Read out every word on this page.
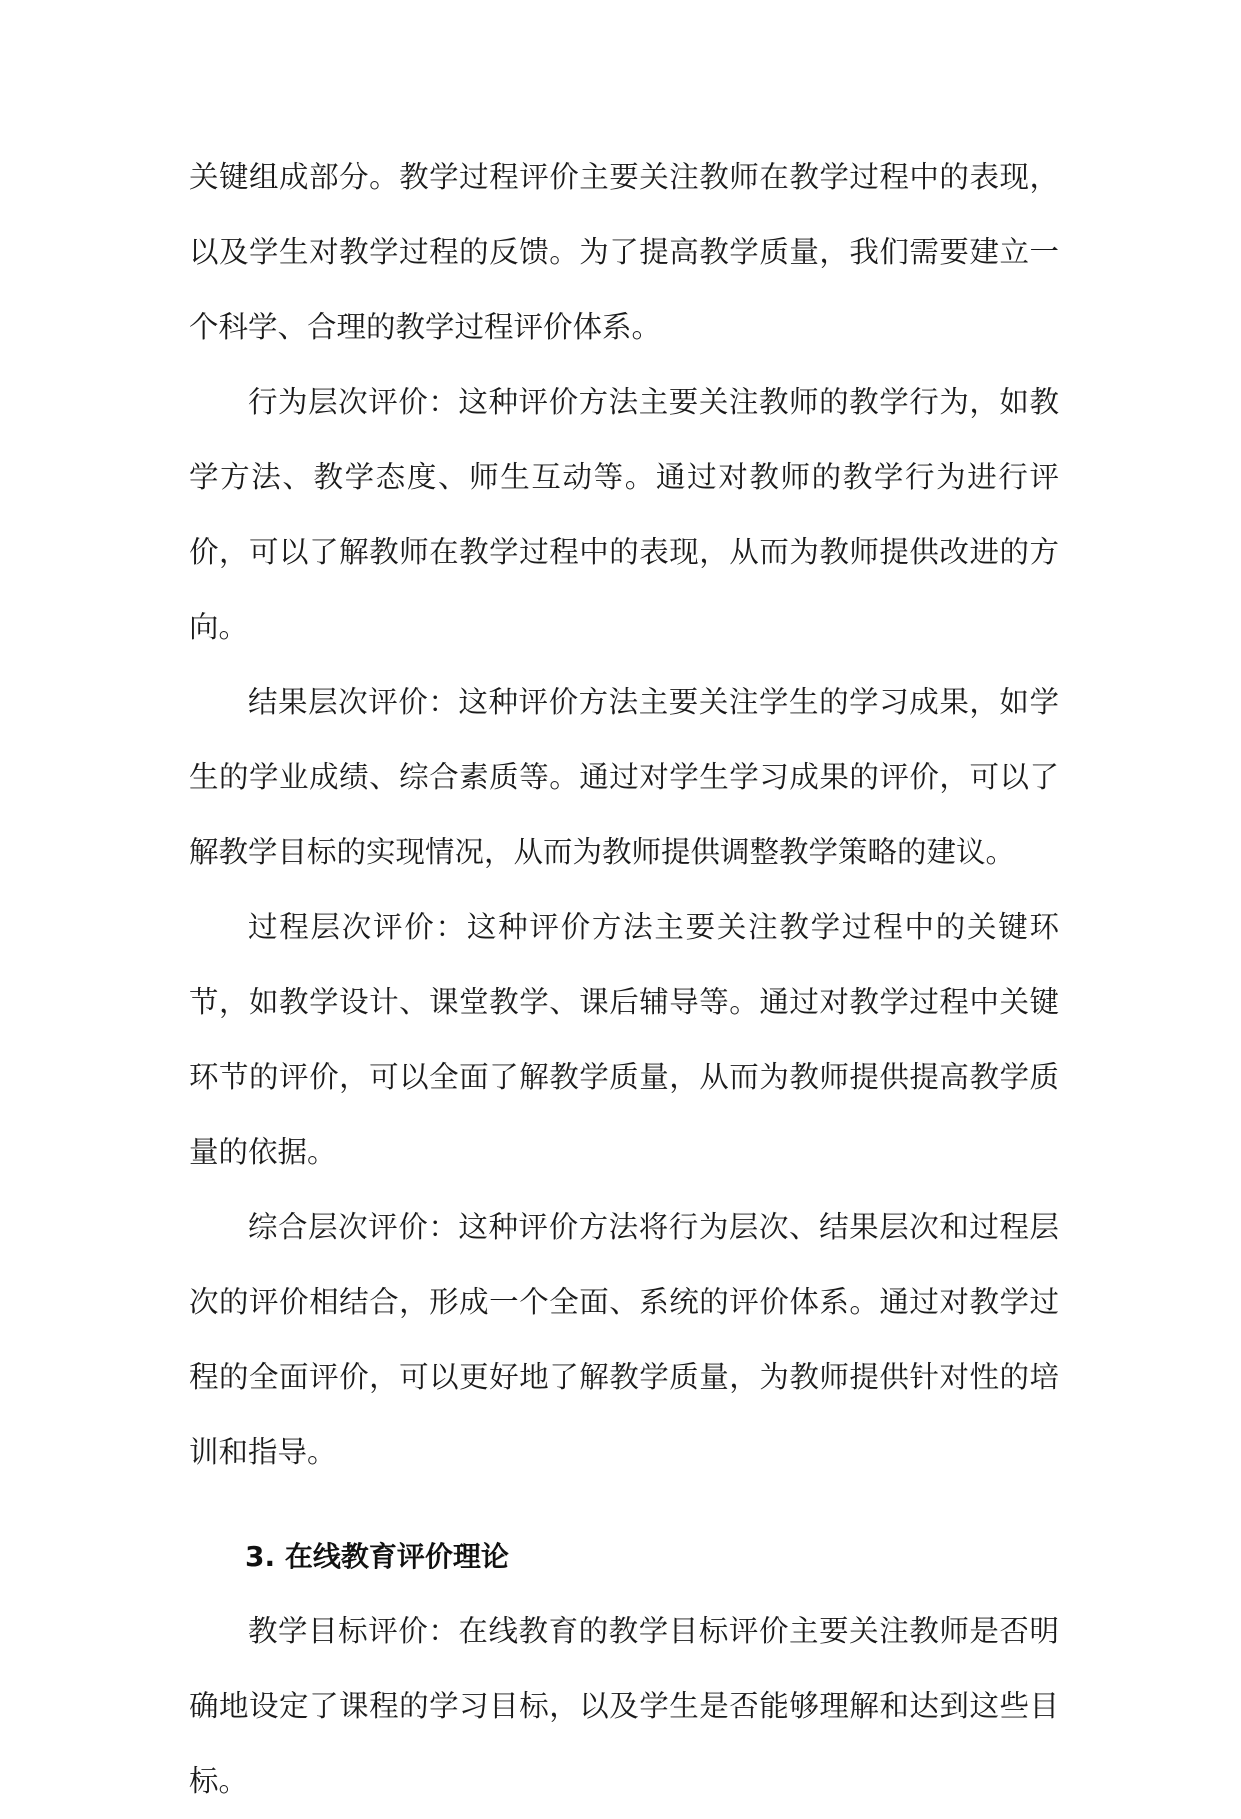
关键组成部分。教学过程评价主要关注教师在教学过程中的表现，以及学生对教学过程的反馈。为了提高教学质量，我们需要建立一个科学、合理的教学过程评价体系。

行为层次评价：这种评价方法主要关注教师的教学行为，如教学方法、教学态度、师生互动等。通过对教师的教学行为进行评价，可以了解教师在教学过程中的表现，从而为教师提供改进的方向。

结果层次评价：这种评价方法主要关注学生的学习成果，如学生的学业成绩、综合素质等。通过对学生学习成果的评价，可以了解教学目标的实现情况，从而为教师提供调整教学策略的建议。

过程层次评价：这种评价方法主要关注教学过程中的关键环节，如教学设计、课堂教学、课后辅导等。通过对教学过程中关键环节的评价，可以全面了解教学质量，从而为教师提供提高教学质量的依据。

综合层次评价：这种评价方法将行为层次、结果层次和过程层次的评价相结合，形成一个全面、系统的评价体系。通过对教学过程的全面评价，可以更好地了解教学质量，为教师提供针对性的培训和指导。

3. 在线教育评价理论

教学目标评价：在线教育的教学目标评价主要关注教师是否明确地设定了课程的学习目标，以及学生是否能够理解和达到这些目标。
